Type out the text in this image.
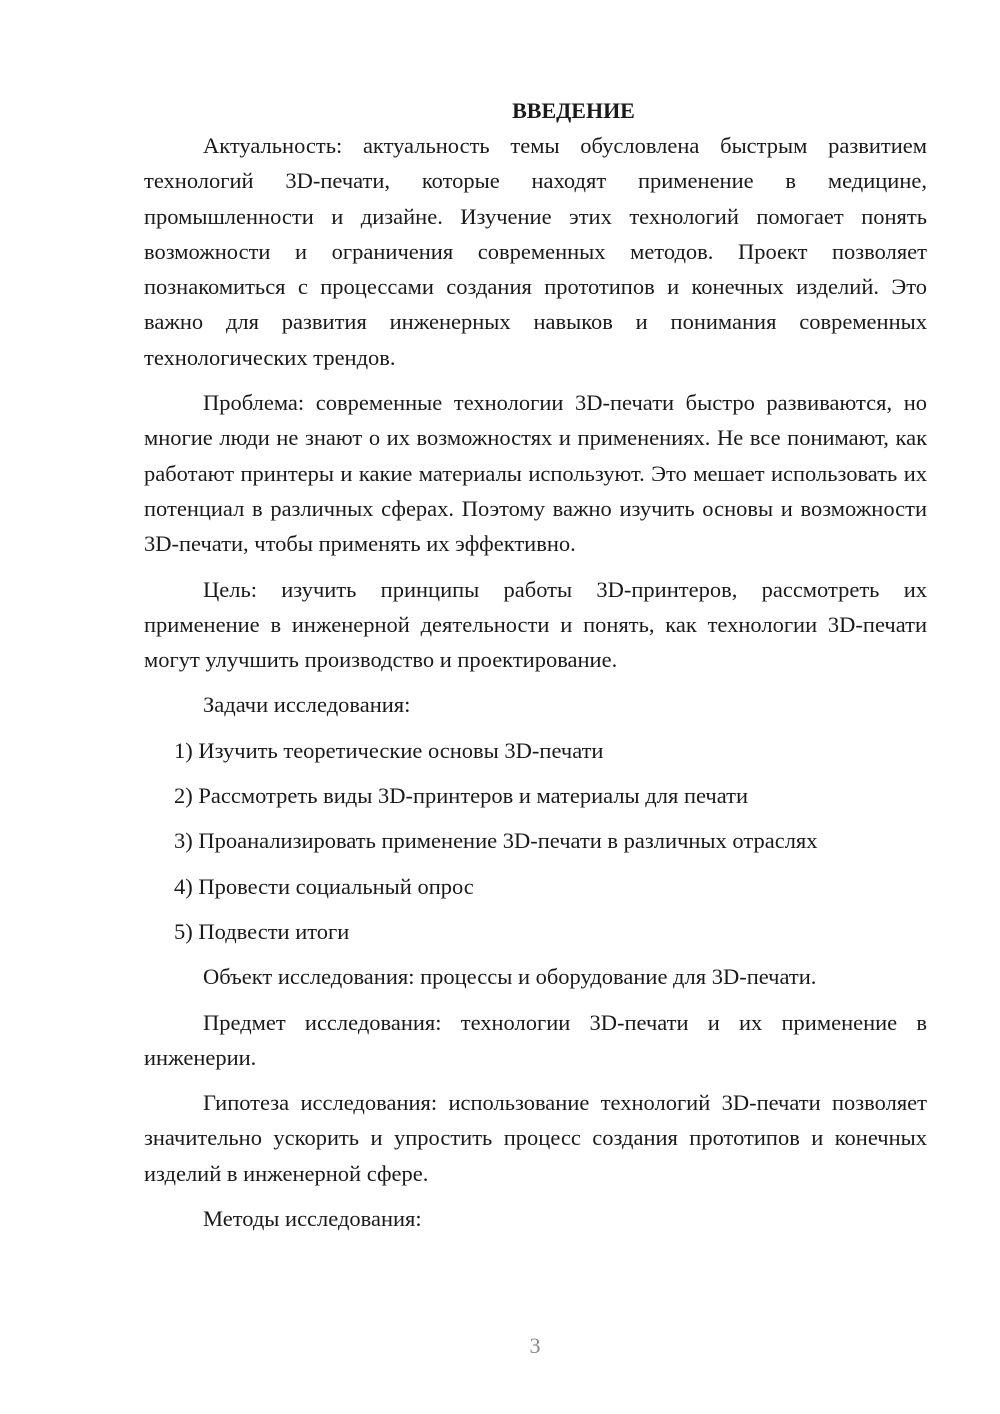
ВВЕДЕНИЕ

Актуальность: актуальность темы обусловлена быстрым развитием технологий 3D-печати, которые находят применение в медицине, промышленности и дизайне. Изучение этих технологий помогает понять возможности и ограничения современных методов. Проект позволяет познакомиться с процессами создания прототипов и конечных изделий. Это важно для развития инженерных навыков и понимания современных технологических трендов.

Проблема: современные технологии 3D-печати быстро развиваются, но многие люди не знают о их возможностях и применениях. Не все понимают, как работают принтеры и какие материалы используют. Это мешает использовать их потенциал в различных сферах. Поэтому важно изучить основы и возможности 3D-печати, чтобы применять их эффективно.

Цель: изучить принципы работы 3D-принтеров, рассмотреть их применение в инженерной деятельности и понять, как технологии 3D-печати могут улучшить производство и проектирование.

Задачи исследования:

1) Изучить теоретические основы 3D-печати
2) Рассмотреть виды 3D-принтеров и материалы для печати
3) Проанализировать применение 3D-печати в различных отраслях
4) Провести социальный опрос
5) Подвести итоги

Объект исследования: процессы и оборудование для 3D-печати.

Предмет исследования: технологии 3D-печати и их применение в инженерии.

Гипотеза исследования: использование технологий 3D-печати позволяет значительно ускорить и упростить процесс создания прототипов и конечных изделий в инженерной сфере.

Методы исследования:

3
